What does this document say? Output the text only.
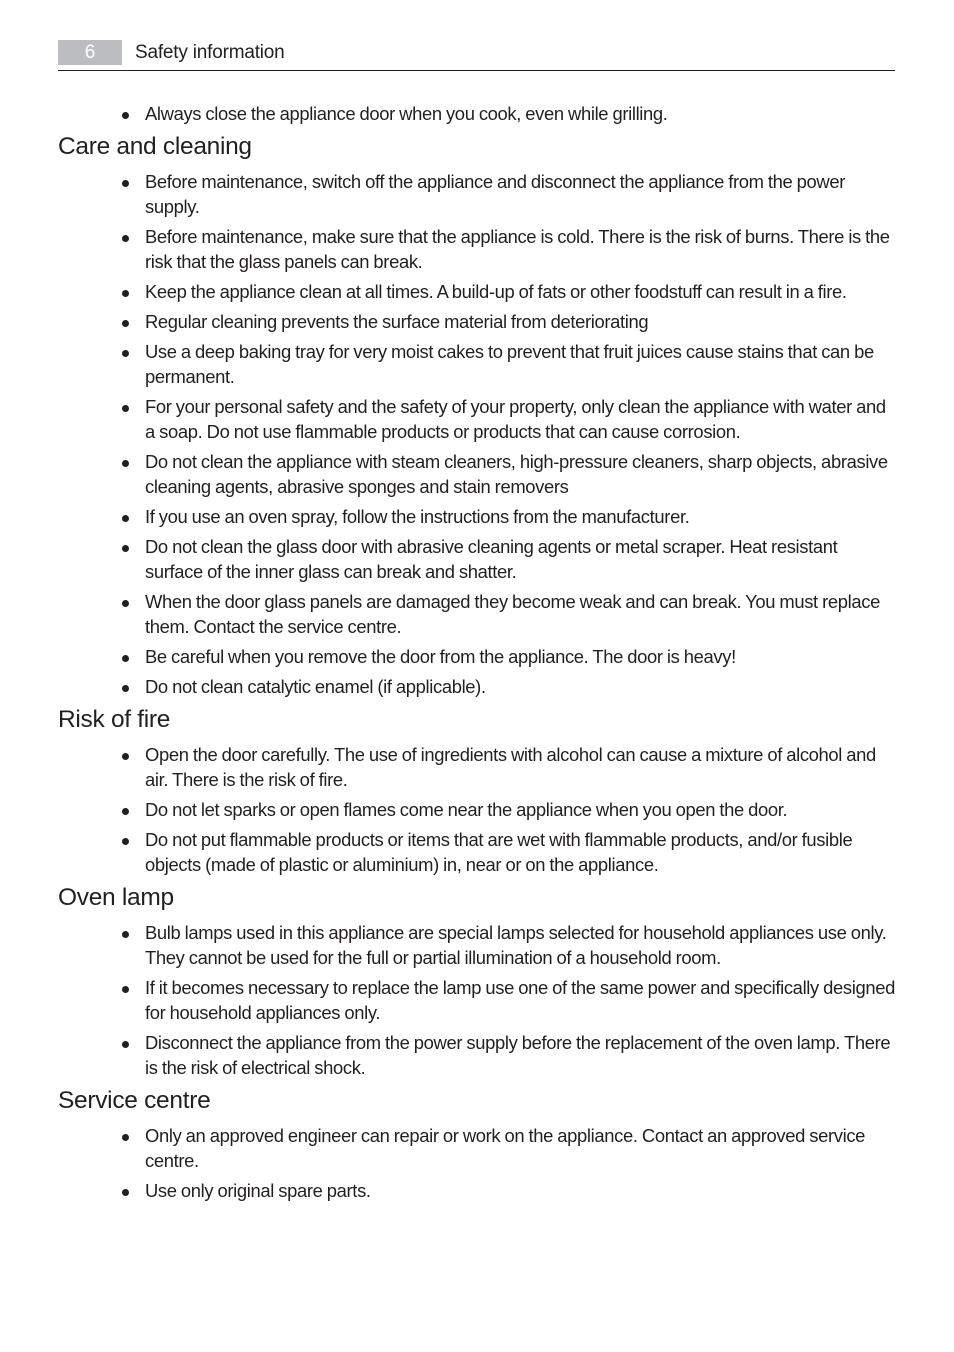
6	Safety information
Always close the appliance door when you cook, even while grilling.
Care and cleaning
Before maintenance, switch off the appliance and disconnect the appliance from the power supply.
Before maintenance, make sure that the appliance is cold. There is the risk of burns. There is the risk that the glass panels can break.
Keep the appliance clean at all times. A build-up of fats or other foodstuff can result in a fire.
Regular cleaning prevents the surface material from deteriorating
Use a deep baking tray for very moist cakes to prevent that fruit juices cause stains that can be permanent.
For your personal safety and the safety of your property, only clean the appliance with water and a soap. Do not use flammable products or products that can cause corrosion.
Do not clean the appliance with steam cleaners, high-pressure cleaners, sharp objects, abrasive cleaning agents, abrasive sponges and stain removers
If you use an oven spray, follow the instructions from the manufacturer.
Do not clean the glass door with abrasive cleaning agents or metal scraper. Heat resistant surface of the inner glass can break and shatter.
When the door glass panels are damaged they become weak and can break. You must replace them. Contact the service centre.
Be careful when you remove the door from the appliance. The door is heavy!
Do not clean catalytic enamel (if applicable).
Risk of fire
Open the door carefully. The use of ingredients with alcohol can cause a mixture of alcohol and air. There is the risk of fire.
Do not let sparks or open flames come near the appliance when you open the door.
Do not put flammable products or items that are wet with flammable products, and/or fusible objects (made of plastic or aluminium) in, near or on the appliance.
Oven lamp
Bulb lamps used in this appliance are special lamps selected for household appliances use only. They cannot be used for the full or partial illumination of a household room.
If it becomes necessary to replace the lamp use one of the same power and specifically designed for household appliances only.
Disconnect the appliance from the power supply before the replacement of the oven lamp. There is the risk of electrical shock.
Service centre
Only an approved engineer can repair or work on the appliance. Contact an approved service centre.
Use only original spare parts.
